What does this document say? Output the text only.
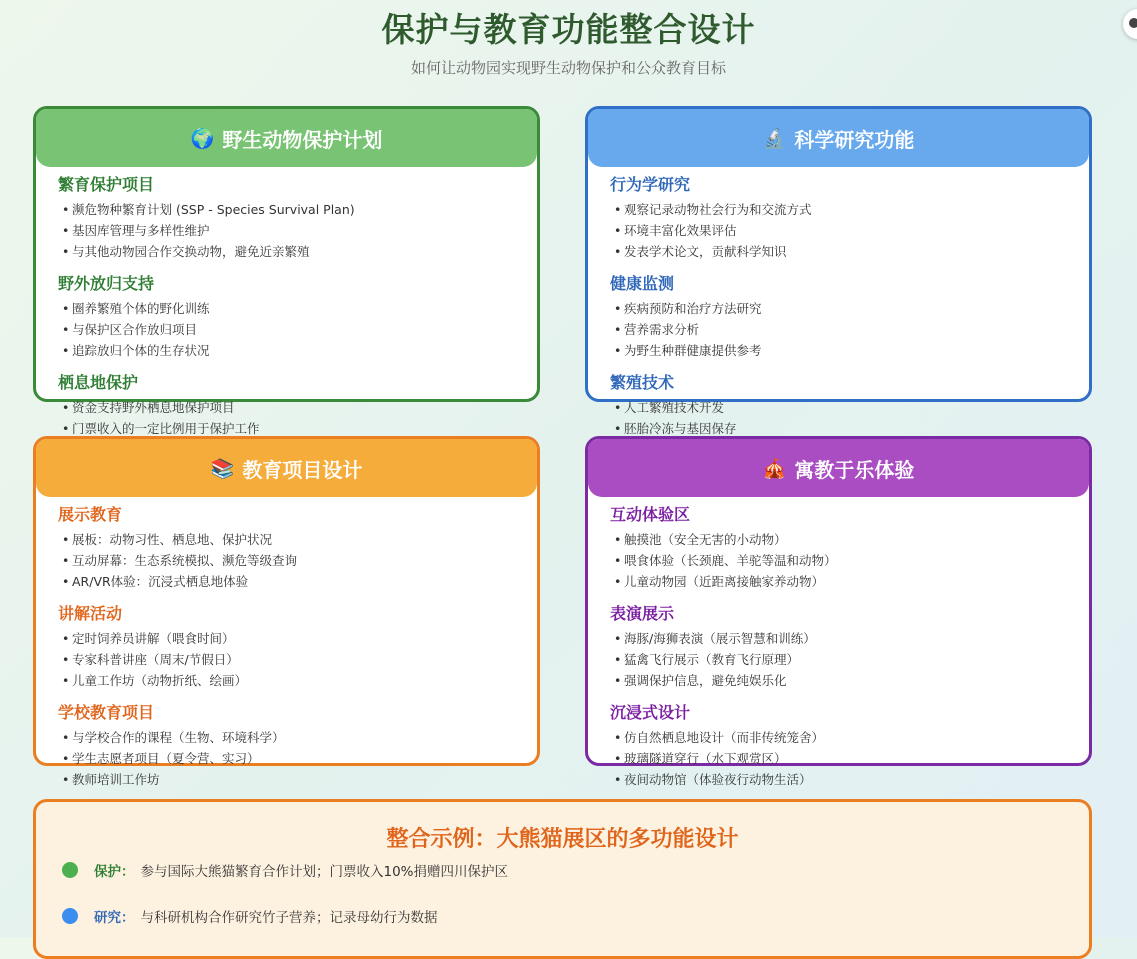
保护与教育功能整合设计
如何让动物园实现野生动物保护和公众教育目标
🌍 野生动物保护计划
繁育保护项目
• 濒危物种繁育计划 (SSP - Species Survival Plan)
• 基因库管理与多样性维护
• 与其他动物园合作交换动物，避免近亲繁殖
野外放归支持
• 圈养繁殖个体的野化训练
• 与保护区合作放归项目
• 追踪放归个体的生存状况
栖息地保护
• 资金支持野外栖息地保护项目
• 门票收入的一定比例用于保护工作
🔬 科学研究功能
行为学研究
• 观察记录动物社会行为和交流方式
• 环境丰富化效果评估
• 发表学术论文，贡献科学知识
健康监测
• 疾病预防和治疗方法研究
• 营养需求分析
• 为野生种群健康提供参考
繁殖技术
• 人工繁殖技术开发
• 胚胎冷冻与基因保存
📚 教育项目设计
展示教育
• 展板：动物习性、栖息地、保护状况
• 互动屏幕：生态系统模拟、濒危等级查询
• AR/VR体验：沉浸式栖息地体验
讲解活动
• 定时饲养员讲解（喂食时间）
• 专家科普讲座（周末/节假日）
• 儿童工作坊（动物折纸、绘画）
学校教育项目
• 与学校合作的课程（生物、环境科学）
• 学生志愿者项目（夏令营、实习）
• 教师培训工作坊
🎪 寓教于乐体验
互动体验区
• 触摸池（安全无害的小动物）
• 喂食体验（长颈鹿、羊驼等温和动物）
• 儿童动物园（近距离接触家养动物）
表演展示
• 海豚/海狮表演（展示智慧和训练）
• 猛禽飞行展示（教育飞行原理）
• 强调保护信息，避免纯娱乐化
沉浸式设计
• 仿自然栖息地设计（而非传统笼舍）
• 玻璃隧道穿行（水下观赏区）
• 夜间动物馆（体验夜行动物生活）
整合示例：大熊猫展区的多功能设计
保护： 参与国际大熊猫繁育合作计划；门票收入10%捐赠四川保护区
研究： 与科研机构合作研究竹子营养；记录母幼行为数据
